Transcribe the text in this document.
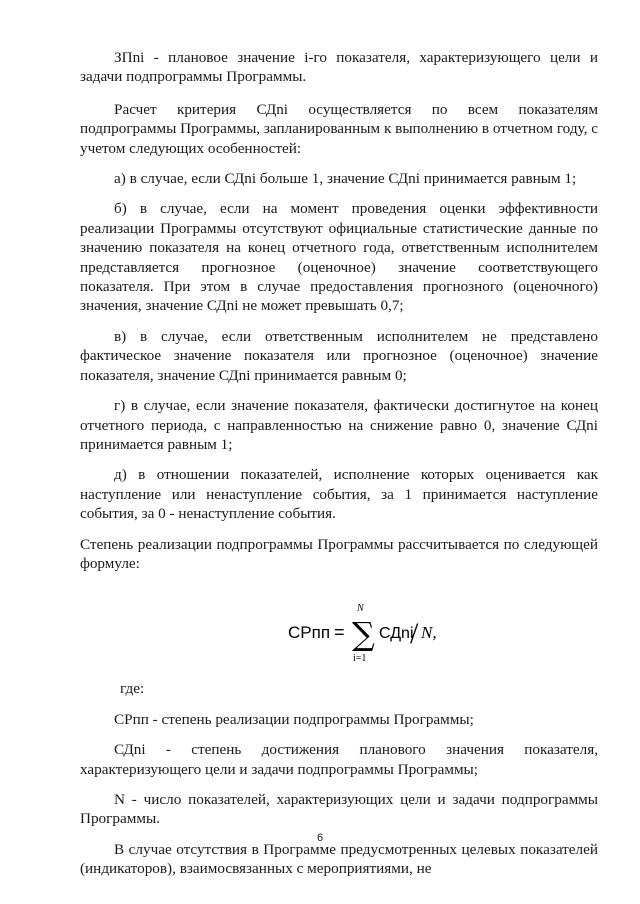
ЗПni - плановое значение i-го показателя, характеризующего цели и задачи подпрограммы Программы.

Расчет критерия СДni осуществляется по всем показателям подпрограммы Программы, запланированным к выполнению в отчетном году, с учетом следующих особенностей:

а) в случае, если СДni больше 1, значение СДni принимается равным 1;

б) в случае, если на момент проведения оценки эффективности реализации Программы отсутствуют официальные статистические данные по значению показателя на конец отчетного года, ответственным исполнителем представляется прогнозное (оценочное) значение соответствующего показателя. При этом в случае предоставления прогнозного (оценочного) значения, значение СДni не может превышать 0,7;

в) в случае, если ответственным исполнителем не представлено фактическое значение показателя или прогнозное (оценочное) значение показателя, значение СДni принимается равным 0;

г) в случае, если значение показателя, фактически достигнутое на конец отчетного периода, с направленностью на снижение равно 0, значение СДni принимается равным 1;

д) в отношении показателей, исполнение которых оценивается как наступление или ненаступление события, за 1 принимается наступление события, за 0 - ненаступление события.

Степень реализации подпрограммы Программы рассчитывается по следующей формуле:

СРпп = ∑
N
i=1
СДni
/ N,

где:

СРпп - степень реализации подпрограммы Программы;

СДni - степень достижения планового значения показателя, характеризующего цели и задачи подпрограммы Программы;

N - число показателей, характеризующих цели и задачи подпрограммы Программы.

В случае отсутствия в Программе предусмотренных целевых показателей (индикаторов), взаимосвязанных с мероприятиями, не

6
